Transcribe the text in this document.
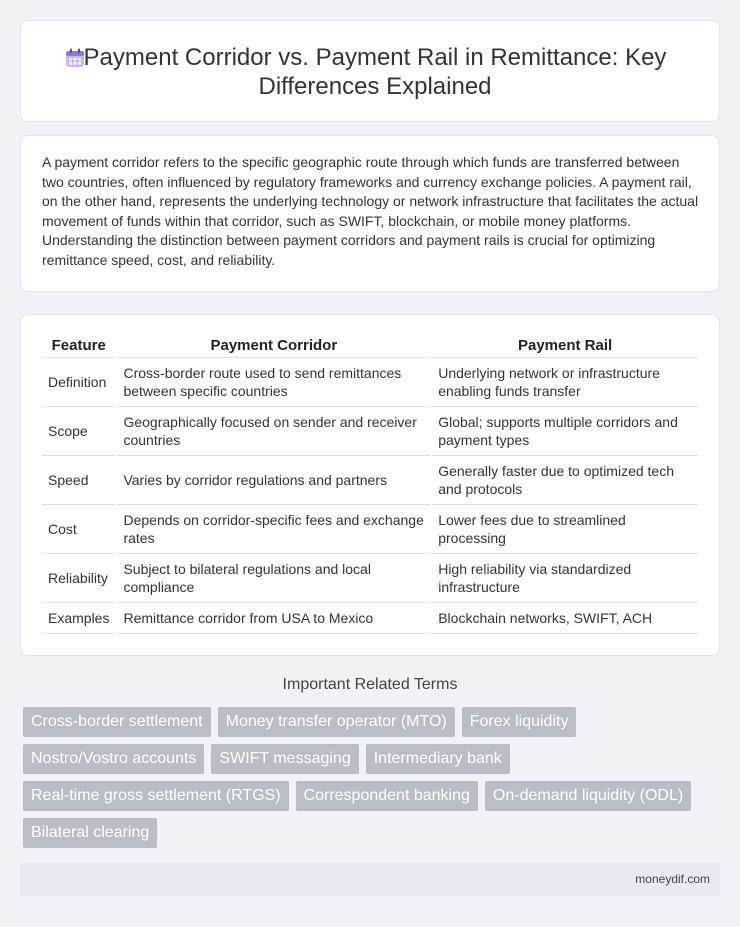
Payment Corridor vs. Payment Rail in Remittance: Key Differences Explained

A payment corridor refers to the specific geographic route through which funds are transferred between two countries, often influenced by regulatory frameworks and currency exchange policies. A payment rail, on the other hand, represents the underlying technology or network infrastructure that facilitates the actual movement of funds within that corridor, such as SWIFT, blockchain, or mobile money platforms. Understanding the distinction between payment corridors and payment rails is crucial for optimizing remittance speed, cost, and reliability.

Feature	Payment Corridor	Payment Rail
Definition	Cross-border route used to send remittances between specific countries	Underlying network or infrastructure enabling funds transfer
Scope	Geographically focused on sender and receiver countries	Global; supports multiple corridors and payment types
Speed	Varies by corridor regulations and partners	Generally faster due to optimized tech and protocols
Cost	Depends on corridor-specific fees and exchange rates	Lower fees due to streamlined processing
Reliability	Subject to bilateral regulations and local compliance	High reliability via standardized infrastructure
Examples	Remittance corridor from USA to Mexico	Blockchain networks, SWIFT, ACH
Important Related Terms
Cross-border settlement	Money transfer operator (MTO)	Forex liquidity
Nostro/Vostro accounts	SWIFT messaging	Intermediary bank
Real-time gross settlement (RTGS)	Correspondent banking	On-demand liquidity (ODL)
Bilateral clearing
moneydif.com
